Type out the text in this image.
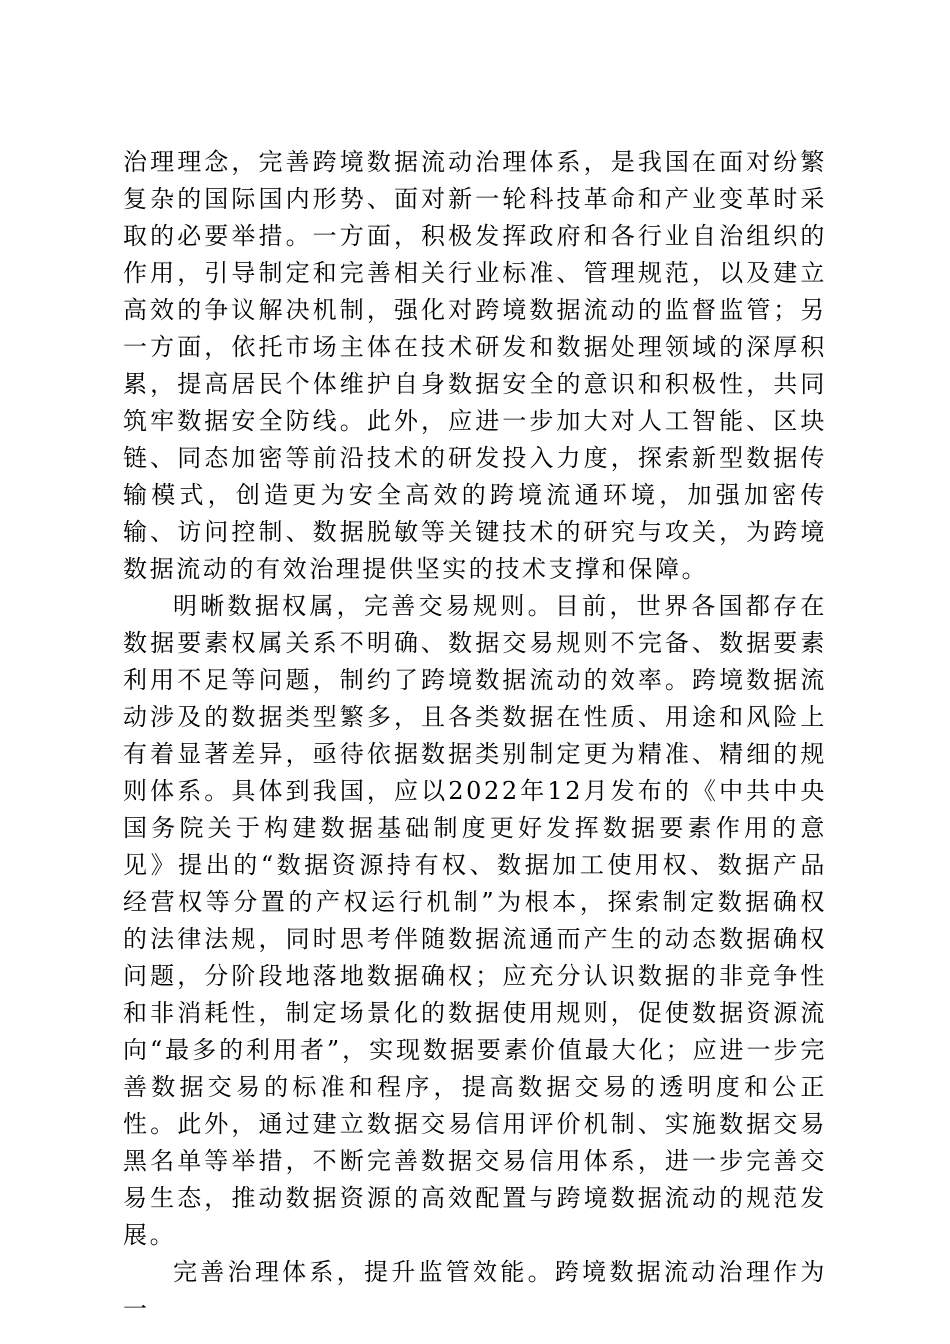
治理理念，完善跨境数据流动治理体系，是我国在面对纷繁复杂的国际国内形势、面对新一轮科技革命和产业变革时采取的必要举措。一方面，积极发挥政府和各行业自治组织的作用，引导制定和完善相关行业标准、管理规范，以及建立高效的争议解决机制，强化对跨境数据流动的监督监管；另一方面，依托市场主体在技术研发和数据处理领域的深厚积累，提高居民个体维护自身数据安全的意识和积极性，共同筑牢数据安全防线。此外，应进一步加大对人工智能、区块链、同态加密等前沿技术的研发投入力度，探索新型数据传输模式，创造更为安全高效的跨境流通环境，加强加密传输、访问控制、数据脱敏等关键技术的研究与攻关，为跨境数据流动的有效治理提供坚实的技术支撑和保障。

明晰数据权属，完善交易规则。目前，世界各国都存在数据要素权属关系不明确、数据交易规则不完备、数据要素利用不足等问题，制约了跨境数据流动的效率。跨境数据流动涉及的数据类型繁多，且各类数据在性质、用途和风险上有着显著差异，亟待依据数据类别制定更为精准、精细的规则体系。具体到我国，应以2022年12月发布的《中共中央国务院关于构建数据基础制度更好发挥数据要素作用的意见》提出的“数据资源持有权、数据加工使用权、数据产品经营权等分置的产权运行机制”为根本，探索制定数据确权的法律法规，同时思考伴随数据流通而产生的动态数据确权问题，分阶段地落地数据确权；应充分认识数据的非竞争性和非消耗性，制定场景化的数据使用规则，促使数据资源流向“最多的利用者”，实现数据要素价值最大化；应进一步完善数据交易的标准和程序，提高数据交易的透明度和公正性。此外，通过建立数据交易信用评价机制、实施数据交易黑名单等举措，不断完善数据交易信用体系，进一步完善交易生态，推动数据资源的高效配置与跨境数据流动的规范发展。

完善治理体系，提升监管效能。跨境数据流动治理作为一
